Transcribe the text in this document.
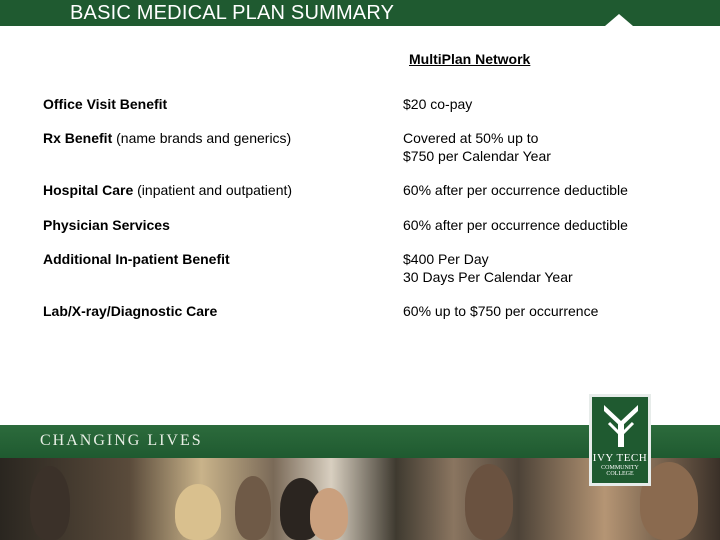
BASIC MEDICAL PLAN SUMMARY
MultiPlan Network
Office Visit Benefit	$20 co-pay
Rx Benefit (name brands and generics)	Covered at 50% up to
$750 per Calendar Year
Hospital Care (inpatient and outpatient)	60% after per occurrence deductible
Physician Services	60% after per occurrence deductible
Additional In-patient Benefit	$400 Per Day
30 Days Per Calendar Year
Lab/X-ray/Diagnostic Care	60% up to $750 per occurrence
CHANGING LIVES
IVY TECH
COMMUNITY
COLLEGE
